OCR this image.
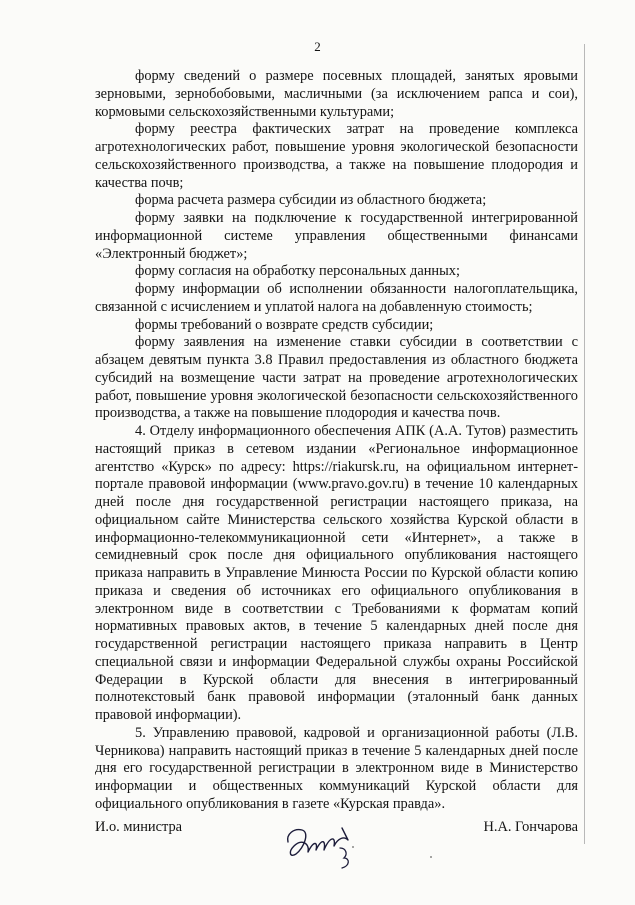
2

форму сведений о размере посевных площадей, занятых яровыми зерновыми, зернобобовыми, масличными (за исключением рапса и сои), кормовыми сельскохозяйственными культурами;

форму реестра фактических затрат на проведение комплекса агротехнологических работ, повышение уровня экологической безопасности сельскохозяйственного производства, а также на повышение плодородия и качества почв;

форма расчета размера субсидии из областного бюджета;

форму заявки на подключение к государственной интегрированной информационной системе управления общественными финансами «Электронный бюджет»;

форму согласия на обработку персональных данных;

форму информации об исполнении обязанности налогоплательщика, связанной с исчислением и уплатой налога на добавленную стоимость;

формы требований о возврате средств субсидии;

форму заявления на изменение ставки субсидии в соответствии с абзацем девятым пункта 3.8 Правил предоставления из областного бюджета субсидий на возмещение части затрат на проведение агротехнологических работ, повышение уровня экологической безопасности сельскохозяйственного производства, а также на повышение плодородия и качества почв.

4. Отделу информационного обеспечения АПК (А.А. Тутов) разместить настоящий приказ в сетевом издании «Региональное информационное агентство «Курск» по адресу: https://riakursk.ru, на официальном интернет-портале правовой информации (www.pravo.gov.ru) в течение 10 календарных дней после дня государственной регистрации настоящего приказа, на официальном сайте Министерства сельского хозяйства Курской области в информационно-телекоммуникационной сети «Интернет», а также в семидневный срок после дня официального опубликования настоящего приказа направить в Управление Минюста России по Курской области копию приказа и сведения об источниках его официального опубликования в электронном виде в соответствии с Требованиями к форматам копий нормативных правовых актов, в течение 5 календарных дней после дня государственной регистрации настоящего приказа направить в Центр специальной связи и информации Федеральной службы охраны Российской Федерации в Курской области для внесения в интегрированный полнотекстовый банк правовой информации (эталонный банк данных правовой информации).

5. Управлению правовой, кадровой и организационной работы (Л.В. Черникова) направить настоящий приказ в течение 5 календарных дней после дня его государственной регистрации в электронном виде в Министерство информации и общественных коммуникаций Курской области для официального опубликования в газете «Курская правда».

И.о. министра	Н.А. Гончарова
